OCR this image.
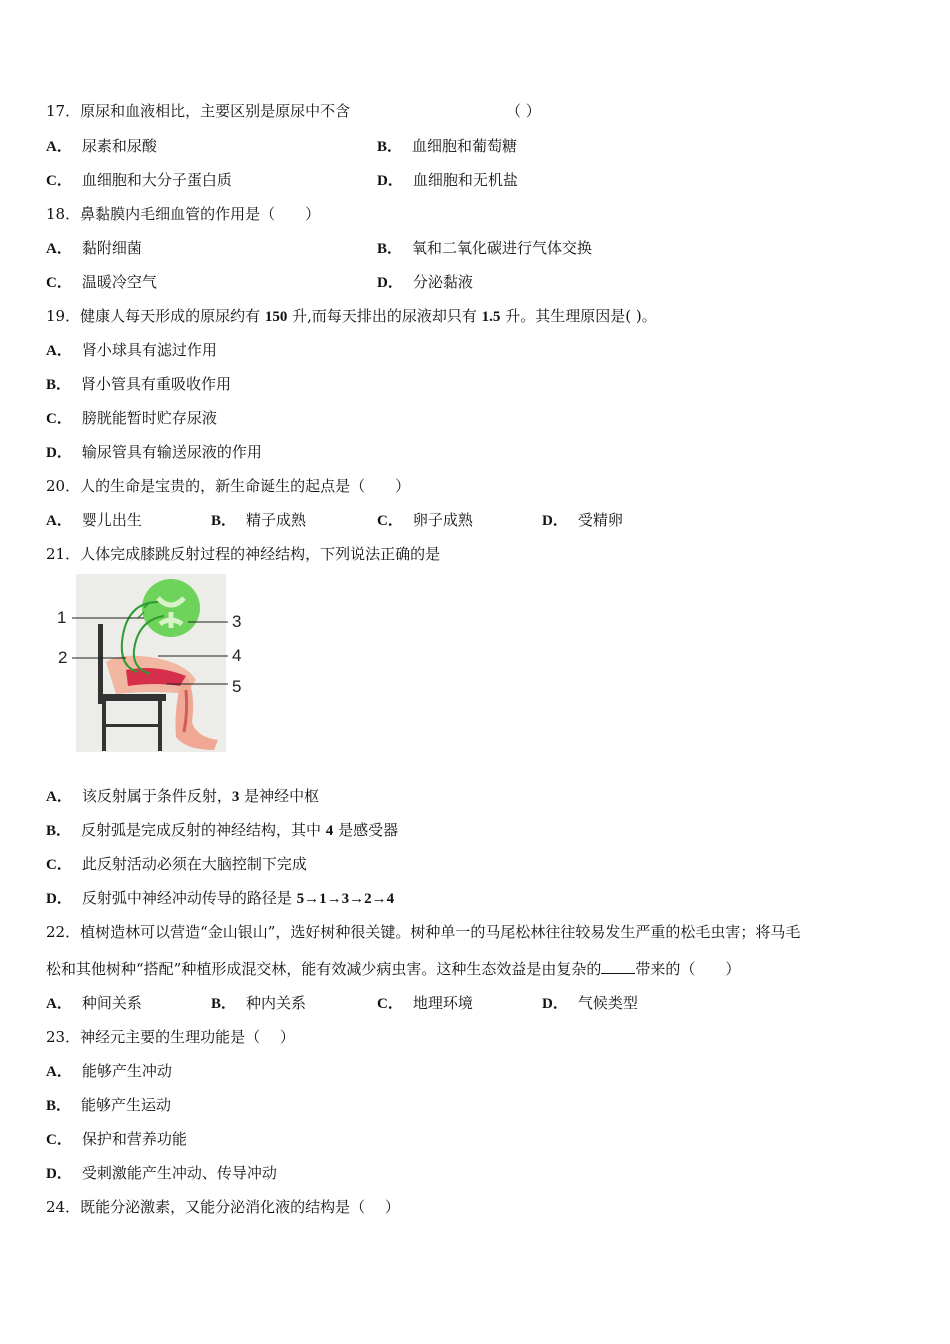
17．原尿和血液相比，主要区别是原尿中不含	（ ）
A． 尿素和尿酸	B． 血细胞和葡萄糖
C． 血细胞和大分子蛋白质	D． 血细胞和无机盐
18．鼻黏膜内毛细血管的作用是（　　）
A． 黏附细菌	B． 氧和二氧化碳进行气体交换
C． 温暖冷空气	D． 分泌黏液
19．健康人每天形成的原尿约有 150 升,而每天排出的尿液却只有 1.5 升。其生理原因是( )。
A． 肾小球具有滤过作用
B． 肾小管具有重吸收作用
C． 膀胱能暂时贮存尿液
D． 输尿管具有输送尿液的作用
20．人的生命是宝贵的，新生命诞生的起点是（　　）
A． 婴儿出生	B． 精子成熟	C． 卵子成熟	D． 受精卵
21．人体完成膝跳反射过程的神经结构，下列说法正确的是
1
2
3
4
5
A． 该反射属于条件反射，3 是神经中枢
B． 反射弧是完成反射的神经结构，其中 4 是感受器
C． 此反射活动必须在大脑控制下完成
D． 反射弧中神经冲动传导的路径是 5→1→3→2→4
22．植树造林可以营造“金山银山”，选好树种很关键。树种单一的马尾松林往往较易发生严重的松毛虫害；将马毛
松和其他树种“搭配”种植形成混交林，能有效减少病虫害。这种生态效益是由复杂的 带来的（　　）
A． 种间关系	B． 种内关系	C． 地理环境	D． 气候类型
23．神经元主要的生理功能是（　 ）
A． 能够产生冲动
B． 能够产生运动
C． 保护和营养功能
D． 受刺激能产生冲动、传导冲动
24．既能分泌激素，又能分泌消化液的结构是（　 ）
